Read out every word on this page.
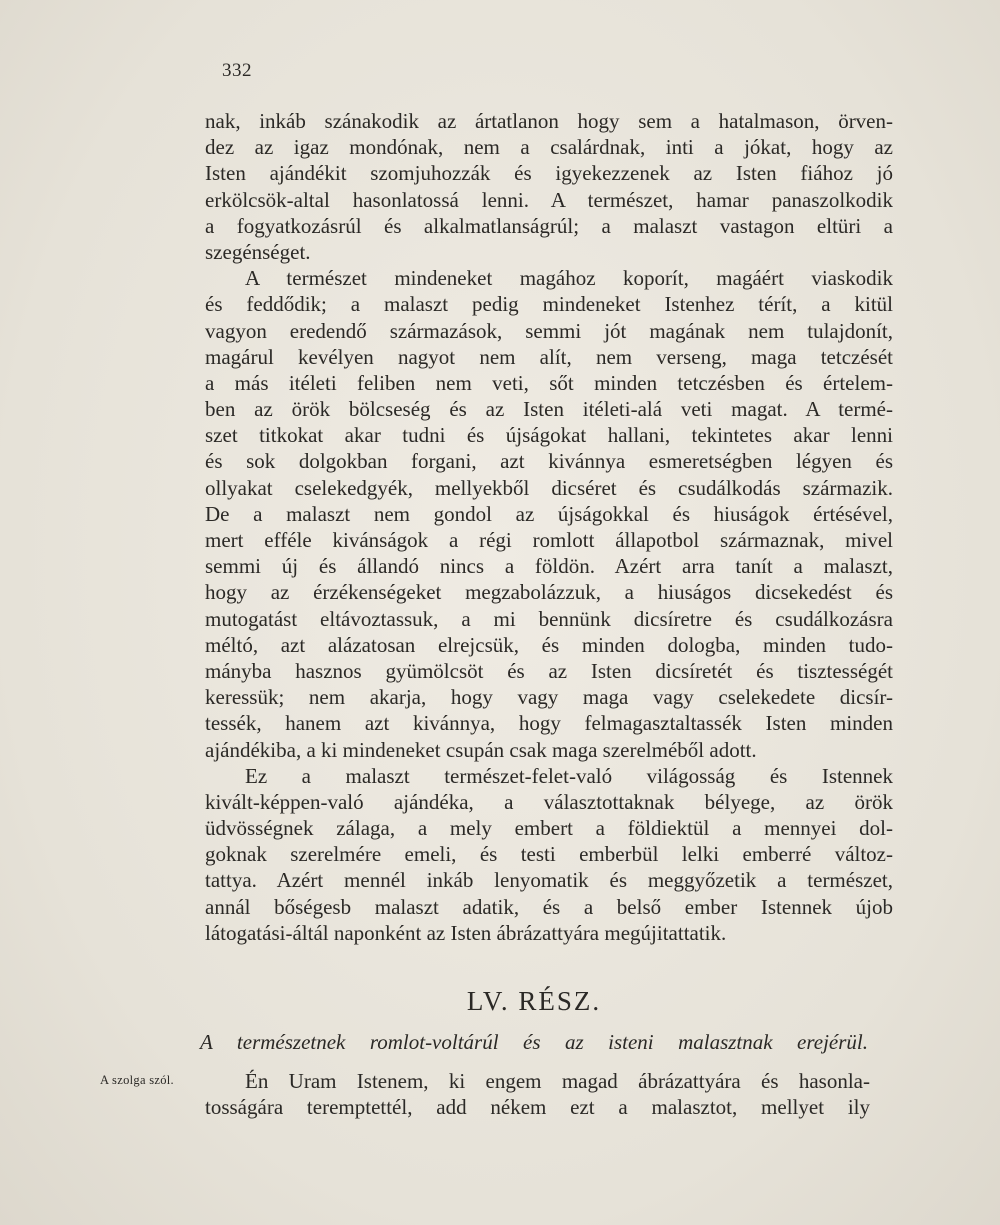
332
nak, inkáb szánakodik az ártatlanon hogy sem a hatalmason, örven-
dez az igaz mondónak, nem a csalárdnak, inti a jókat, hogy az
Isten ajándékit szomjuhozzák és igyekezzenek az Isten fiához jó
erkölcsök-altal hasonlatossá lenni. A természet, hamar panaszolkodik
a fogyatkozásrúl és alkalmatlanságrúl; a malaszt vastagon eltüri a
szegénséget.
A természet mindeneket magához koporít, magáért viaskodik
és feddődik; a malaszt pedig mindeneket Istenhez térít, a kitül
vagyon eredendő származások, semmi jót magának nem tulajdonít,
magárul kevélyen nagyot nem alít, nem verseng, maga tetczését
a más itéleti feliben nem veti, sőt minden tetczésben és értelem-
ben az örök bölcseség és az Isten itéleti-alá veti magat. A termé-
szet titkokat akar tudni és újságokat hallani, tekintetes akar lenni
és sok dolgokban forgani, azt kivánnya esmeretségben légyen és
ollyakat cselekedgyék, mellyekből dicséret és csudálkodás származik.
De a malaszt nem gondol az újságokkal és hiuságok értésével,
mert efféle kivánságok a régi romlott állapotbol származnak, mivel
semmi új és állandó nincs a földön. Azért arra tanít a malaszt,
hogy az érzékenségeket megzabolázzuk, a hiuságos dicsekedést és
mutogatást eltávoztassuk, a mi bennünk dicsíretre és csudálkozásra
méltó, azt alázatosan elrejcsük, és minden dologba, minden tudo-
mányba hasznos gyümölcsöt és az Isten dicsíretét és tisztességét
keressük; nem akarja, hogy vagy maga vagy cselekedete dicsír-
tessék, hanem azt kivánnya, hogy felmagasztaltassék Isten minden
ajándékiba, a ki mindeneket csupán csak maga szerelméből adott.
Ez a malaszt természet-felet-való világosság és Istennek
kivált-képpen-való ajándéka, a választottaknak bélyege, az örök
üdvösségnek zálaga, a mely embert a földiektül a mennyei dol-
goknak szerelmére emeli, és testi emberbül lelki emberré változ-
tattya. Azért mennél inkáb lenyomatik és meggyőzetik a természet,
annál bőségesb malaszt adatik, és a belső ember Istennek újob
látogatási-áltál naponként az Isten ábrázattyára megújitattatik.
LV. RÉSZ.
A természetnek romlot-voltárúl és az isteni malasztnak erejérül.
A szolga szól.	Én Uram Istenem, ki engem magad ábrázattyára és hasonla-
tosságára teremptettél, add nékem ezt a malasztot, mellyet ily
